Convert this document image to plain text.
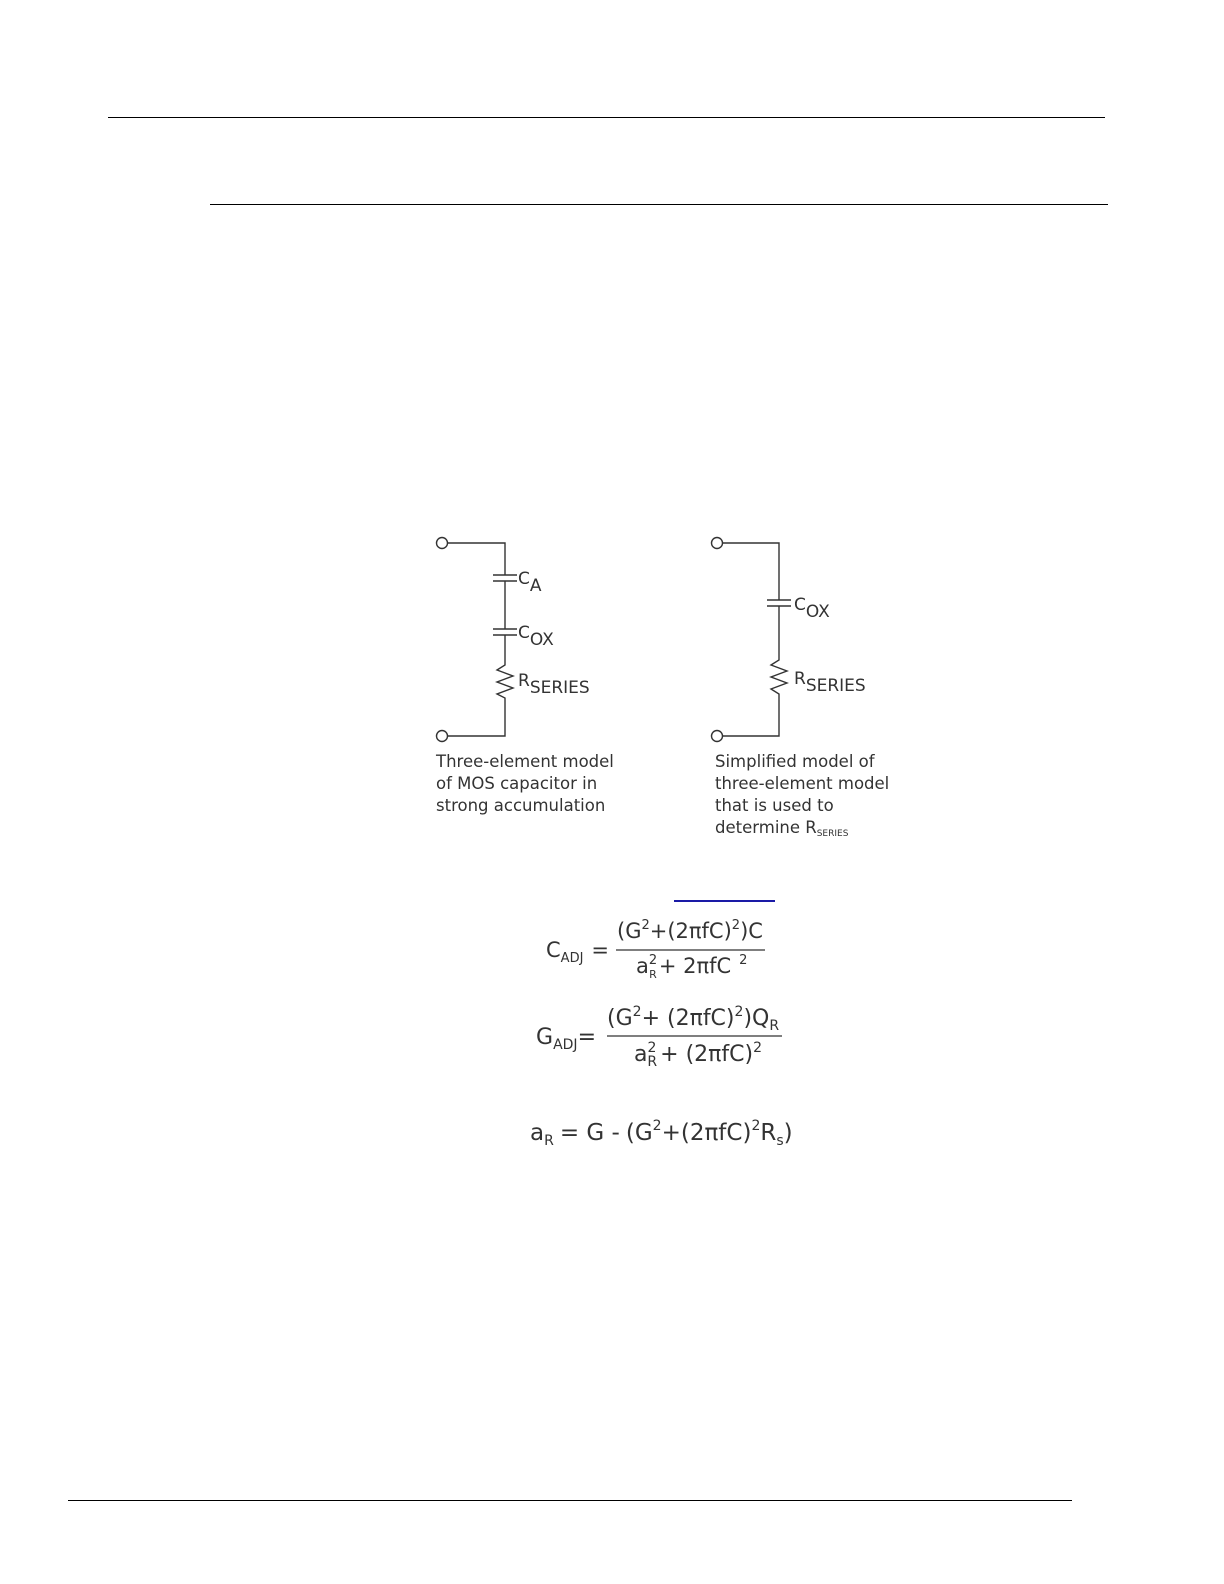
CA
COX
RSERIES
COX
RSERIES
Three-element model
of MOS capacitor in
strong accumulation
Simplified model of
three-element model
that is used to
determine $R_{SERIES}$
$C_{ADJ}$ =
$(G^2+(2\pi fC)^2)C$
$a^2$ R+ 2πfC $^2$
$G_{ADJ}=$
$(G^2+ (2\pi fC)^2)Q_R$
$a^2$ $R + (2\pi fC)^2$
$a_R = G - (G^2+(2\pi fC)^2R_s)$
